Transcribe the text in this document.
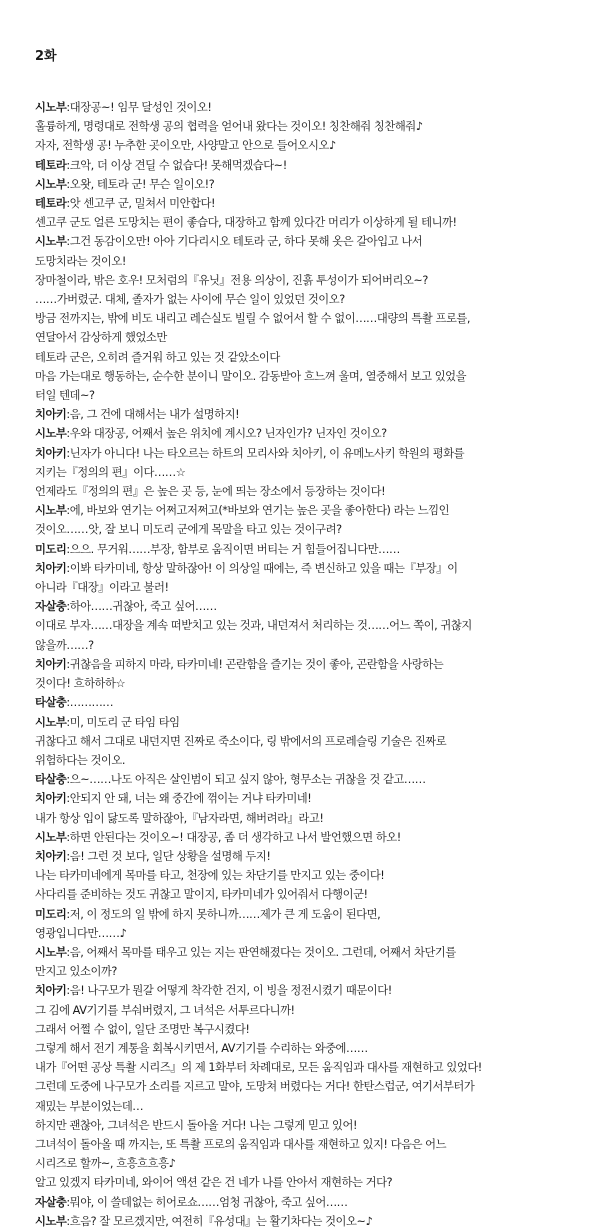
2화
시노부:대장공~! 임무 달성인 것이오!
훌륭하게, 명령대로 전학생 공의 협력을 얻어내 왔다는 것이오! 칭찬해줘 칭찬해줘♪
자자, 전학생 공! 누추한 곳이오만, 사양말고 안으로 들어오시오♪
테토라:크악, 더 이상 견딜 수 없습다! 못해먹겠습다~!
시노부:오왓, 테토라 군! 무슨 일이오!?
테토라:앗 센고쿠 군, 밀쳐서 미안합다!
센고쿠 군도 얼른 도망치는 편이 좋습다, 대장하고 함께 있다간 머리가 이상하게 될 테니까!
시노부:그건 동감이오만! 아아 기다리시오 테토라 군, 하다 못해 옷은 갈아입고 나서
도망치라는 것이오!
장마철이라, 밖은 호우! 모처럼의『유닛』전용 의상이, 진흙 투성이가 되어버리오~?
……가버렸군. 대체, 졸자가 없는 사이에 무슨 일이 있었던 것이오?
방금 전까지는, 밖에 비도 내리고 레슨실도 빌릴 수 없어서 할 수 없이……대량의 특촬 프로를,
연달아서 감상하게 했었소만
테토라 군은, 오히려 즐거워 하고 있는 것 같았소이다
마음 가는대로 행동하는, 순수한 분이니 말이오. 감동받아 흐느껴 울며, 열중해서 보고 있었을
터일 텐데~?
치아키:음, 그 건에 대해서는 내가 설명하지!
시노부:우와 대장공, 어째서 높은 위치에 계시오? 닌자인가? 닌자인 것이오?
치아키:닌자가 아니다! 나는 타오르는 하트의 모리사와 치아키, 이 유메노사키 학원의 평화를
지키는『정의의 편』이다……☆
언제라도『정의의 편』은 높은 곳 등, 눈에 띄는 장소에서 등장하는 것이다!
시노부:에, 바보와 연기는 어쩌고저쩌고(*바보와 연기는 높은 곳을 좋아한다) 라는 느낌인
것이오……앗, 잘 보니 미도리 군에게 목말을 타고 있는 것이구려?
미도리:으으. 무거워……부장, 함부로 움직이면 버티는 거 힘들어집니다만……
치아키:이봐 타카미네, 항상 말하잖아! 이 의상일 때에는, 즉 변신하고 있을 때는『부장』이
아니라『대장』이라고 불러!
자살충:하아……귀찮아, 죽고 싶어……
이대로 부자……대장을 계속 떠받치고 있는 것과, 내던져서 처리하는 것……어느 쪽이, 귀찮지
않을까……?
치아키:귀찮음을 피하지 마라, 타카미네! 곤란함을 즐기는 것이 좋아, 곤란함을 사랑하는
것이다! 흐하하하☆
타살충:…………
시노부:미, 미도리 군 타임 타임
귀찮다고 해서 그대로 내던지면 진짜로 죽소이다, 링 밖에서의 프로레슬링 기술은 진짜로
위험하다는 것이오.
타살충:으~……나도 아직은 살인범이 되고 싶지 않아, 형무소는 귀찮을 것 같고……
치아키:안되지 안 돼, 너는 왜 중간에 꺾이는 거냐 타카미네!
내가 항상 입이 닳도록 말하잖아,『남자라면, 해버려라』라고!
시노부:하면 안된다는 것이오~! 대장공, 좀 더 생각하고 나서 발언했으면 하오!
치아키:음! 그런 것 보다, 일단 상황을 설명해 두지!
나는 타카미네에게 목마를 타고, 천장에 있는 차단기를 만지고 있는 중이다!
사다리를 준비하는 것도 귀찮고 말이지, 타카미네가 있어줘서 다행이군!
미도리:저, 이 정도의 일 밖에 하지 못하니까……제가 큰 게 도움이 된다면,
영광입니다만……♪
시노부:음, 어째서 목마를 태우고 있는 지는 판연해졌다는 것이오. 그런데, 어째서 차단기를
만지고 있소이까?
치아키:음! 나구모가 뭔갈 어떻게 착각한 건지, 이 빙을 정전시켰기 때문이다!
그 김에 AV기기를 부숴버렸지, 그 녀석은 서투르다니까!
그래서 어쩔 수 없이, 일단 조명만 복구시켰다!
그렇게 해서 전기 계통을 회복시키면서, AV기기를 수리하는 와중에……
내가『어떤 공상 특촬 시리즈』의 제 1화부터 차례대로, 모든 움직임과 대사를 재현하고 있었다!
그런데 도중에 나구모가 소리를 지르고 말야, 도망쳐 버렸다는 거다! 한탄스럽군, 여기서부터가
재밌는 부분이었는데…
하지만 괜찮아, 그녀석은 반드시 돌아올 거다! 나는 그렇게 믿고 있어!
그녀석이 돌아올 때 까지는, 또 특촬 프로의 움직임과 대사를 재현하고 있지! 다음은 어느
시리즈로 할까~, 흐흥흐흐흥♪
알고 있겠지 타카미네, 와이어 액션 같은 건 네가 나를 안아서 재현하는 거다?
자살충:뭐야, 이 쓸데없는 히어로쇼……엄청 귀찮아, 죽고 싶어……
시노부:흐음? 잘 모르겠지만, 여전히『유성대』는 활기차다는 것이오~♪
